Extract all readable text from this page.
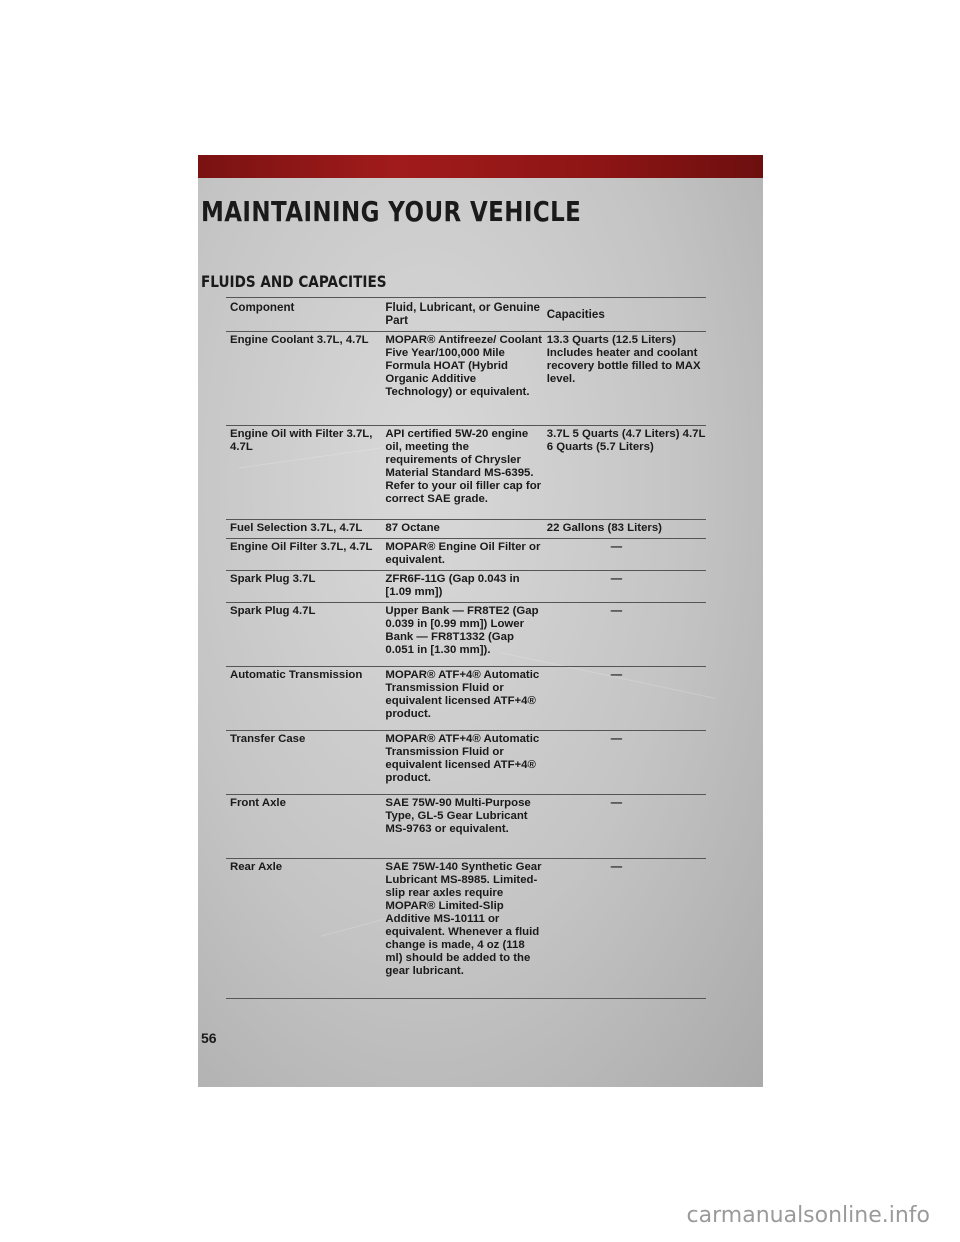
MAINTAINING YOUR VEHICLE
FLUIDS AND CAPACITIES
Component	Fluid, Lubricant, or Genuine Part	Capacities
Engine Coolant 3.7L, 4.7L	MOPAR® Antifreeze/ Coolant Five Year/100,000 Mile Formula HOAT (Hybrid Organic Additive Technology) or equivalent.	13.3 Quarts (12.5 Liters) Includes heater and coolant recovery bottle filled to MAX level.
Engine Oil with Filter 3.7L, 4.7L	API certified 5W-20 engine oil, meeting the requirements of Chrysler Material Standard MS-6395. Refer to your oil filler cap for correct SAE grade.	3.7L 5 Quarts (4.7 Liters) 4.7L 6 Quarts (5.7 Liters)
Fuel Selection 3.7L, 4.7L	87 Octane	22 Gallons (83 Liters)
Engine Oil Filter 3.7L, 4.7L	MOPAR® Engine Oil Filter or equivalent.	—

Spark Plug 3.7L	ZFR6F-11G (Gap 0.043 in [1.09 mm])	—

Spark Plug 4.7L	Upper Bank — FR8TE2 (Gap 0.039 in [0.99 mm]) Lower Bank — FR8T1332 (Gap 0.051 in [1.30 mm]).	—

Automatic Transmission	MOPAR® ATF+4® Automatic Transmission Fluid or equivalent licensed ATF+4® product.	—

Transfer Case	MOPAR® ATF+4® Automatic Transmission Fluid or equivalent licensed ATF+4® product.	—

Front Axle	SAE 75W-90 Multi-Purpose Type, GL-5 Gear Lubricant MS-9763 or equivalent.	—

Rear Axle	SAE 75W-140 Synthetic Gear Lubricant MS-8985. Limited-slip rear axles require MOPAR® Limited-Slip Additive MS-10111 or equivalent. Whenever a fluid change is made, 4 oz (118 ml) should be added to the gear lubricant.	—
56
carmanualsonline.info
